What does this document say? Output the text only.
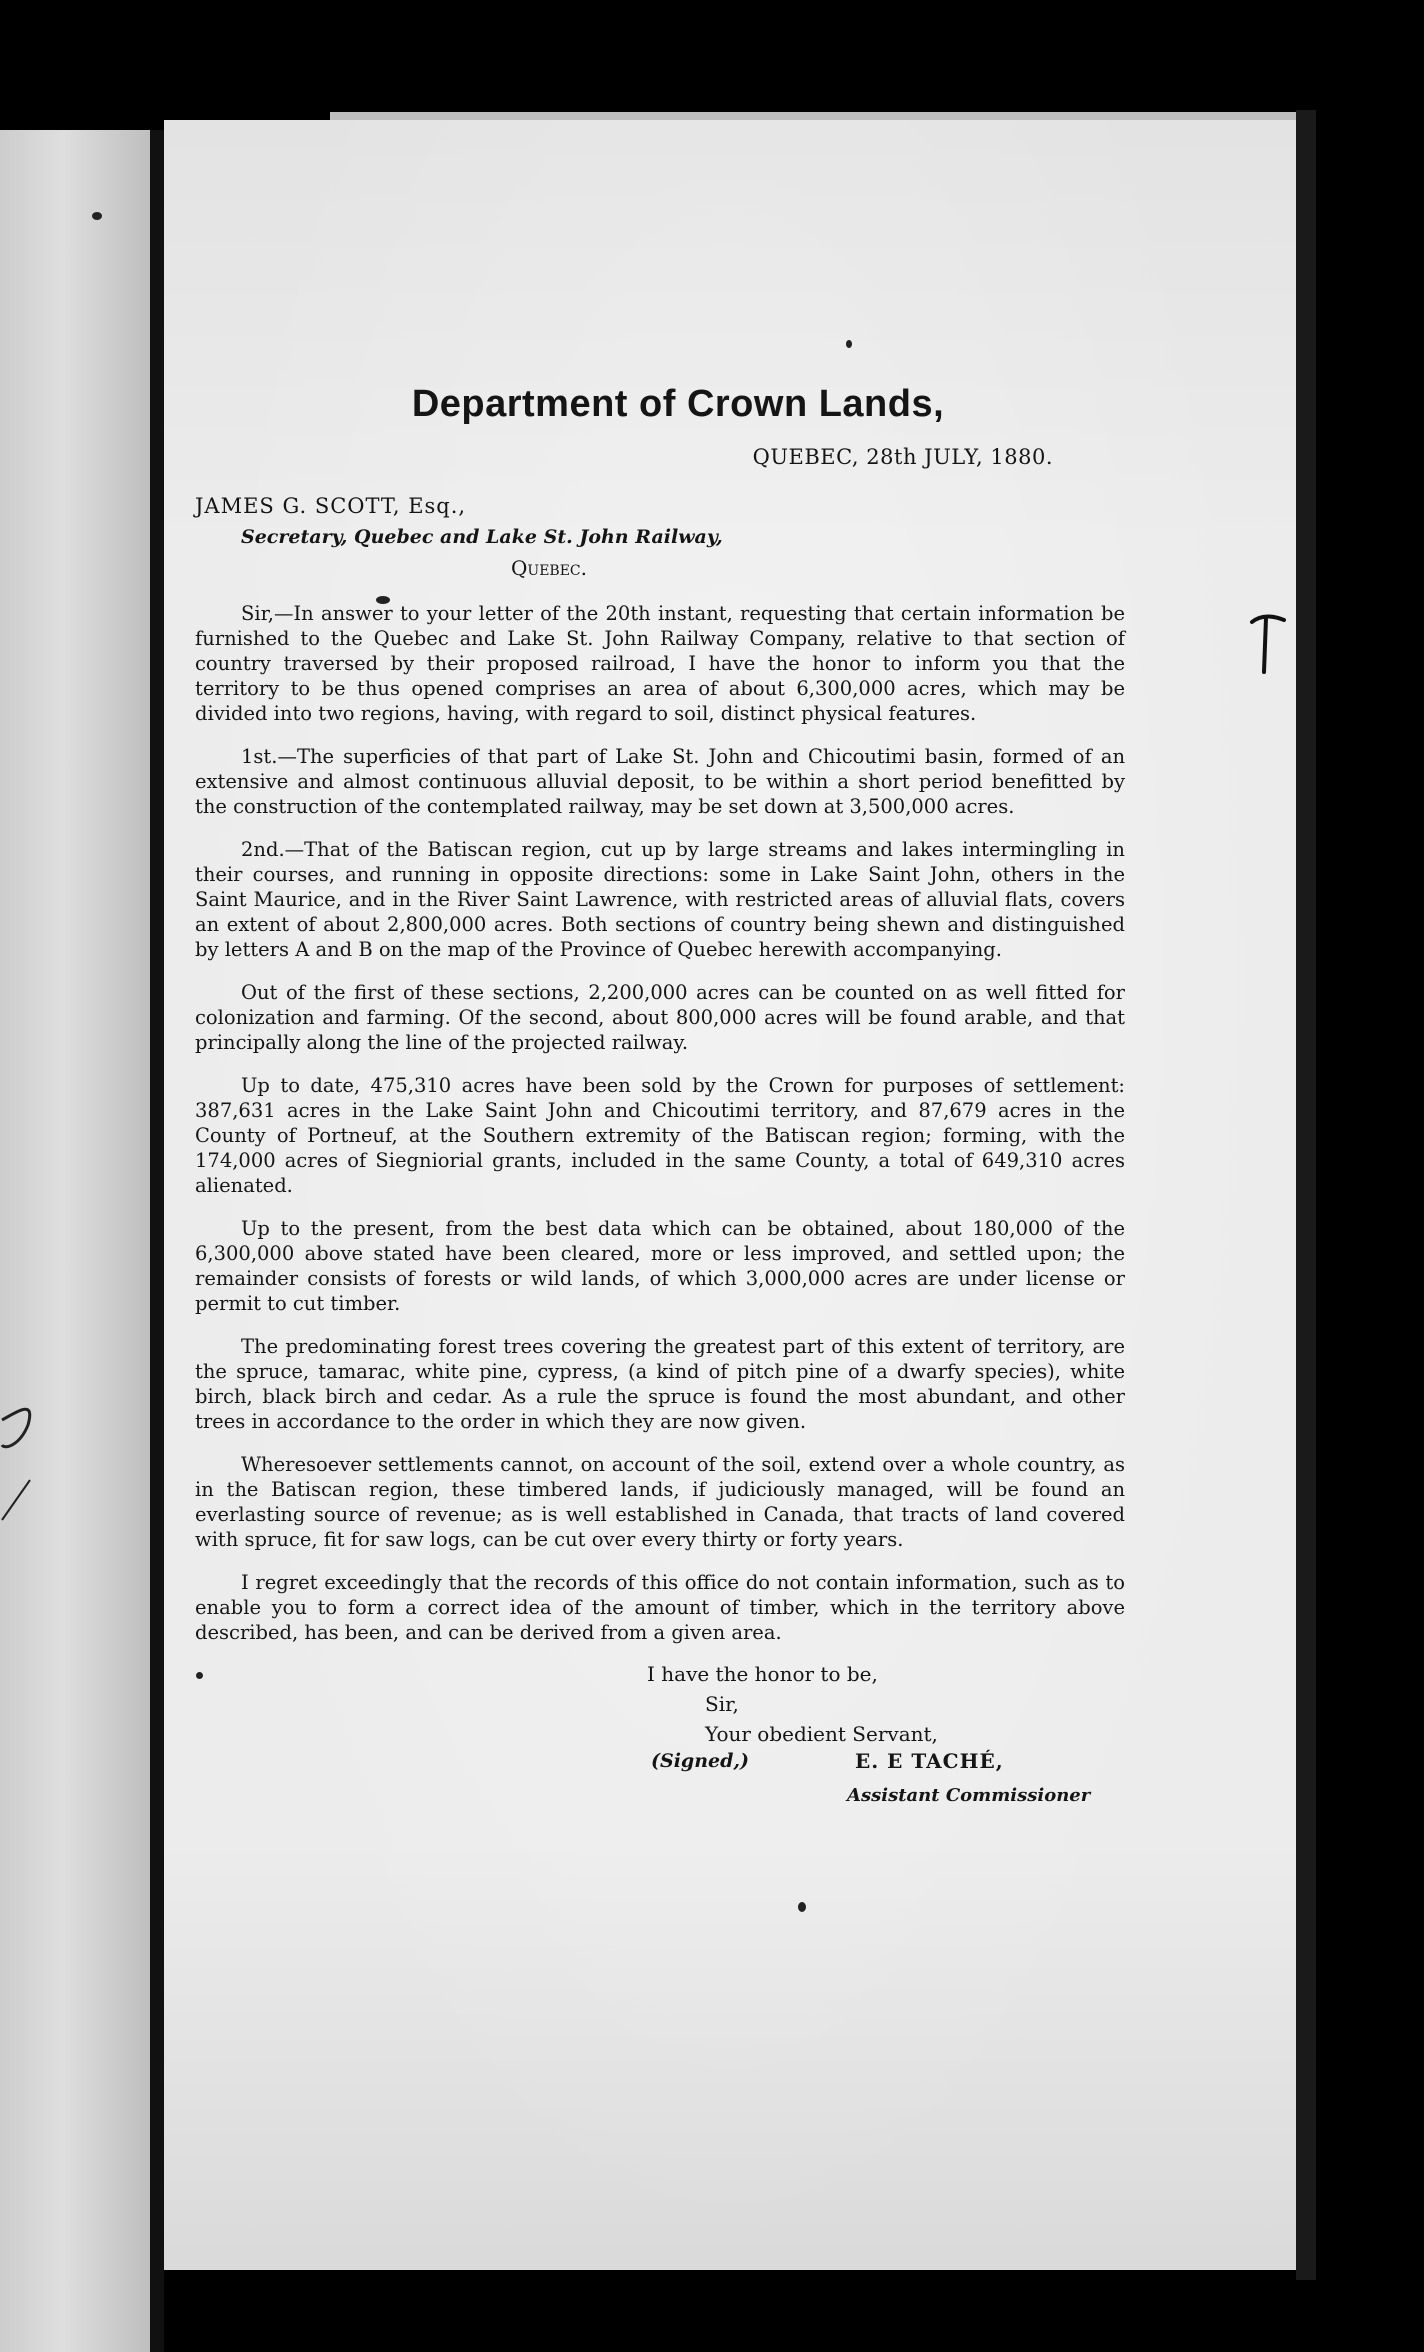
Department of Crown Lands,
QUEBEC, 28th JULY, 1880.
JAMES G. SCOTT, Esq.,
Secretary, Quebec and Lake St. John Railway,
Quebec.

Sir,—In answer to your letter of the 20th instant, requesting that certain information be furnished to the Quebec and Lake St. John Railway Company, relative to that section of country traversed by their proposed railroad, I have the honor to inform you that the territory to be thus opened comprises an area of about 6,300,000 acres, which may be divided into two regions, having, with regard to soil, distinct physical features.

1st.—The superficies of that part of Lake St. John and Chicoutimi basin, formed of an extensive and almost continuous alluvial deposit, to be within a short period benefitted by the construction of the contemplated railway, may be set down at 3,500,000 acres.

2nd.—That of the Batiscan region, cut up by large streams and lakes intermingling in their courses, and running in opposite directions: some in Lake Saint John, others in the Saint Maurice, and in the River Saint Lawrence, with restricted areas of alluvial flats, covers an extent of about 2,800,000 acres. Both sections of country being shewn and distinguished by letters A and B on the map of the Province of Quebec herewith accompanying.

Out of the first of these sections, 2,200,000 acres can be counted on as well fitted for colonization and farming. Of the second, about 800,000 acres will be found arable, and that principally along the line of the projected railway.

Up to date, 475,310 acres have been sold by the Crown for purposes of settlement: 387,631 acres in the Lake Saint John and Chicoutimi territory, and 87,679 acres in the County of Portneuf, at the Southern extremity of the Batiscan region; forming, with the 174,000 acres of Siegniorial grants, included in the same County, a total of 649,310 acres alienated.

Up to the present, from the best data which can be obtained, about 180,000 of the 6,300,000 above stated have been cleared, more or less improved, and settled upon; the remainder consists of forests or wild lands, of which 3,000,000 acres are under license or permit to cut timber.

The predominating forest trees covering the greatest part of this extent of territory, are the spruce, tamarac, white pine, cypress, (a kind of pitch pine of a dwarfy species), white birch, black birch and cedar. As a rule the spruce is found the most abundant, and other trees in accordance to the order in which they are now given.

Wheresoever settlements cannot, on account of the soil, extend over a whole country, as in the Batiscan region, these timbered lands, if judiciously managed, will be found an everlasting source of revenue; as is well established in Canada, that tracts of land covered with spruce, fit for saw logs, can be cut over every thirty or forty years.

I regret exceedingly that the records of this office do not contain information, such as to enable you to form a correct idea of the amount of timber, which in the territory above described, has been, and can be derived from a given area.

I have the honor to be,
Sir,
Your obedient Servant,
(Signed,)	E. E TACHÉ,
Assistant Commissioner
